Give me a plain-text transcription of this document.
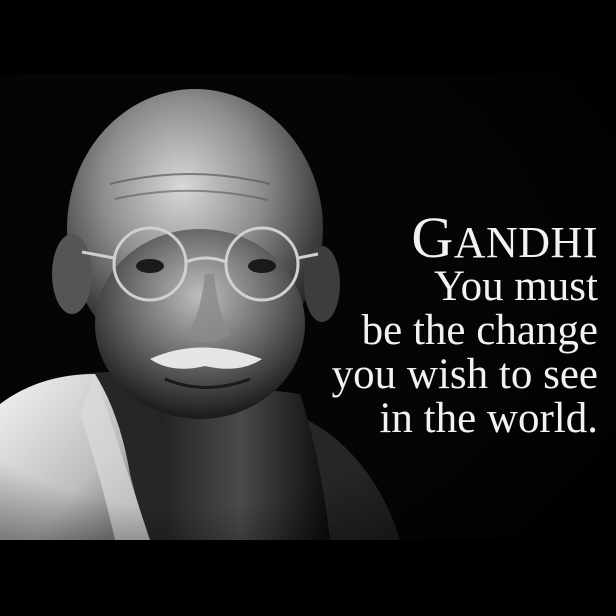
GANDHI
You must
be the change
you wish to see
in the world.
